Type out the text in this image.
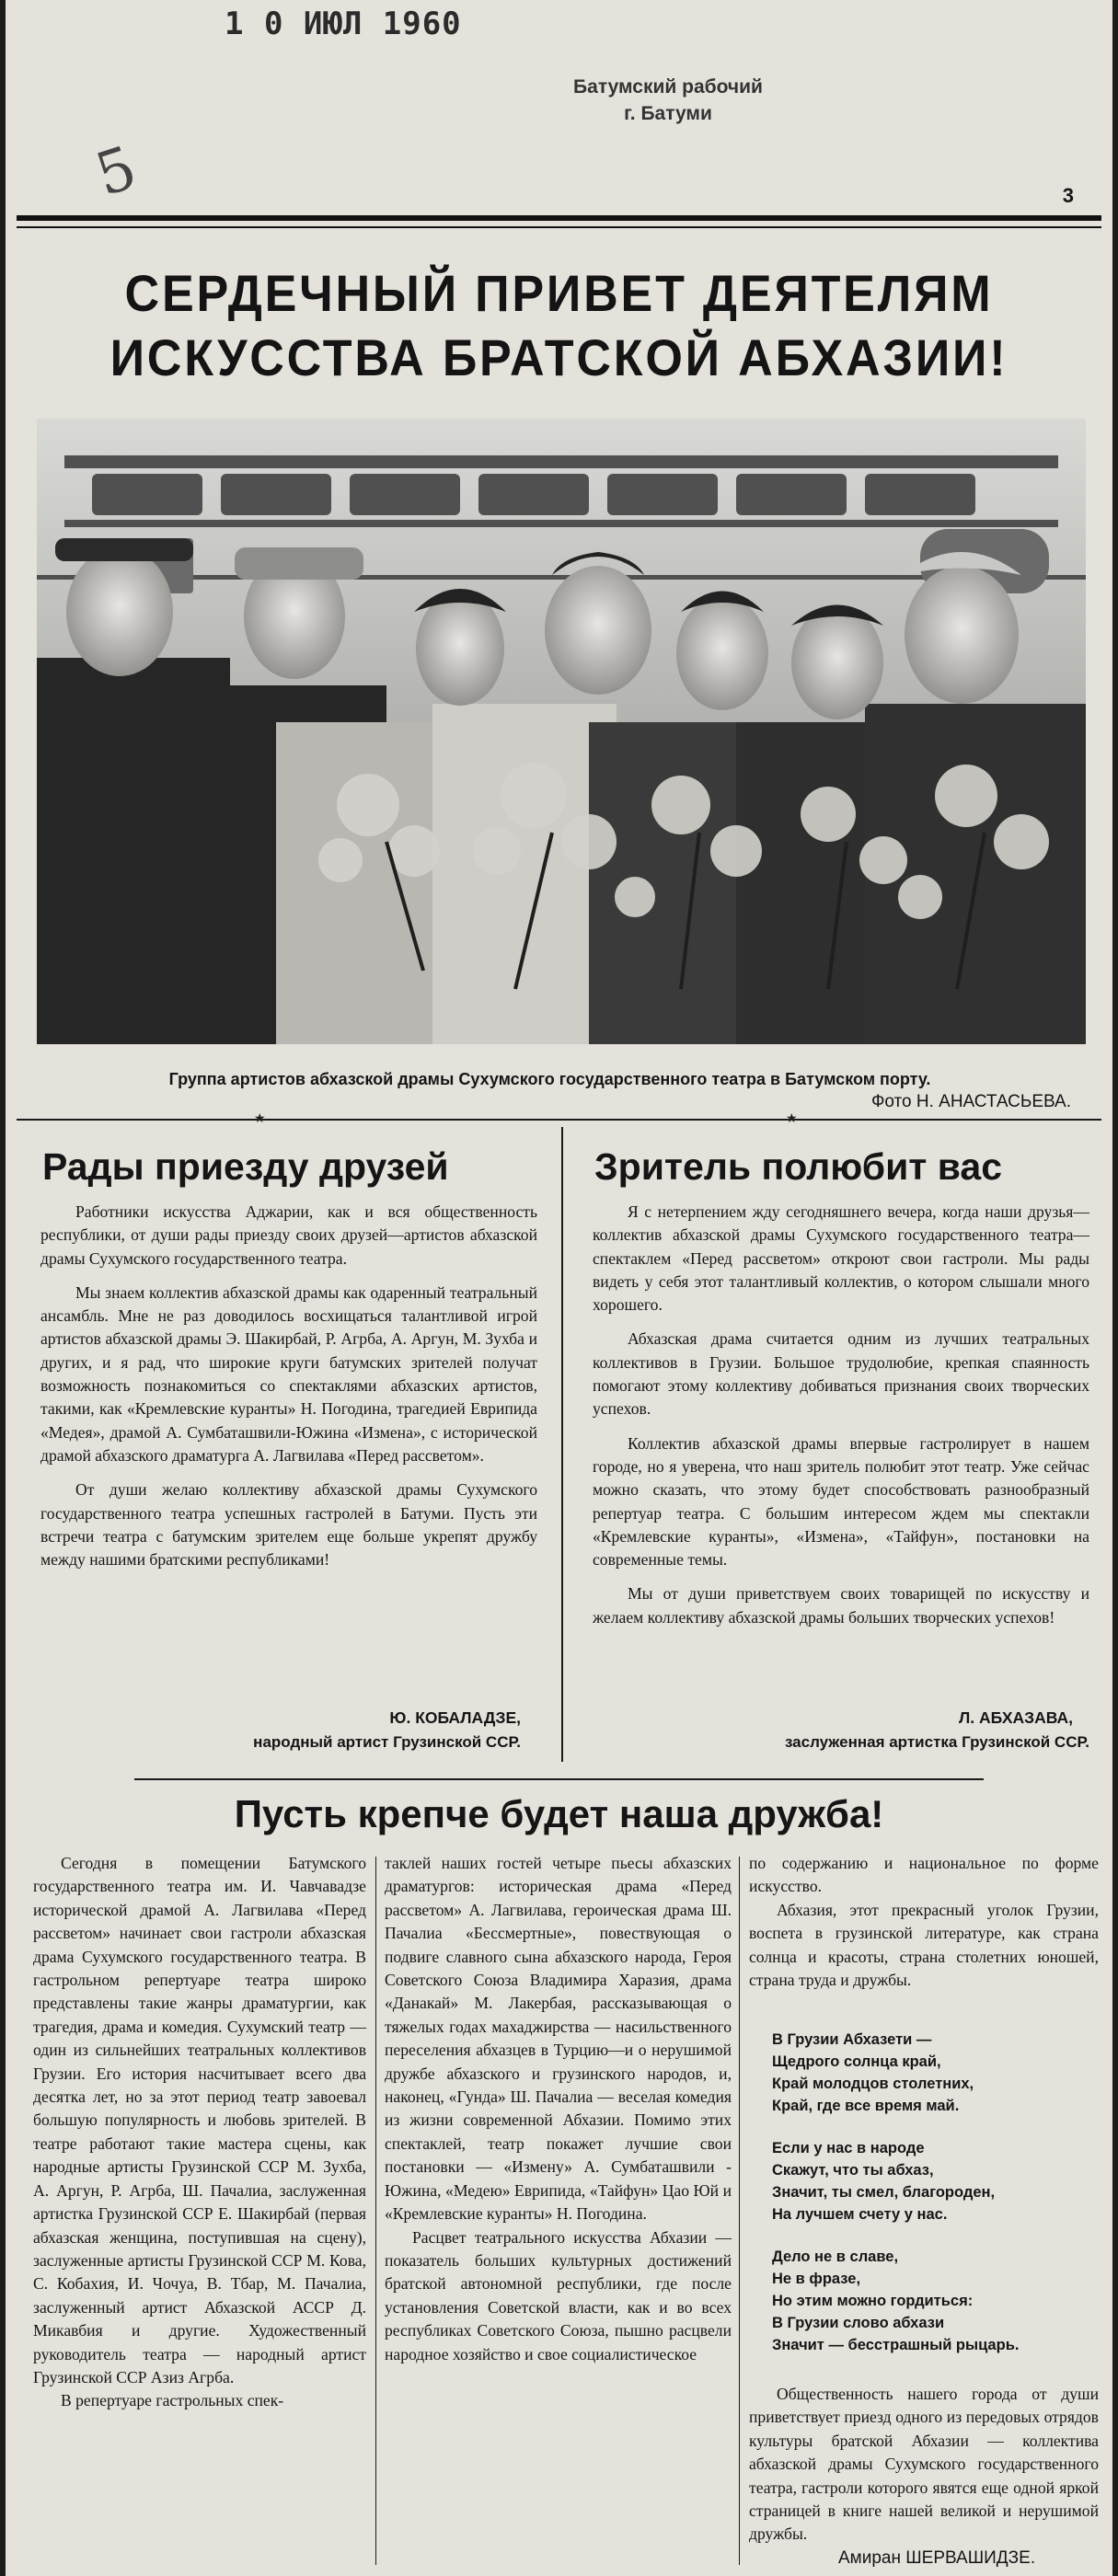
1 0 ИЮЛ 1960
Батумский рабочий
г. Батуми
5	3
СЕРДЕЧНЫЙ ПРИВЕТ ДЕЯТЕЛЯМ
ИСКУССТВА БРАТСКОЙ АБХАЗИИ!
Группа артистов абхазской драмы Сухумского государственного театра в Батумском порту.
Фото Н. АНАСТАСЬЕВА.
★	★
Рады приезду друзей

Работники искусства Аджарии, как и вся общественность республики, от души рады приезду своих друзей—артистов абхазской драмы Сухумского государственного театра.

Мы знаем коллектив абхазской драмы как одаренный театральный ансамбль. Мне не раз доводилось восхищаться талантливой игрой артистов абхазской драмы Э. Шакирбай, Р. Агрба, А. Аргун, М. Зухба и других, и я рад, что широкие круги батумских зрителей получат возможность познакомиться со спектаклями абхазских артистов, такими, как «Кремлевские куранты» Н. Погодина, трагедией Еврипида «Медея», драмой А. Сумбаташвили-Южина «Измена», с исторической драмой абхазского драматурга А. Лагвилава «Перед рассветом».

От души желаю коллективу абхазской драмы Сухумского государственного театра успешных гастролей в Батуми. Пусть эти встречи театра с батумским зрителем еще больше укрепят дружбу между нашими братскими республиками!

Ю. КОБАЛАДЗЕ,
народный артист Грузинской ССР.
Зритель полюбит вас

Я с нетерпением жду сегодняшнего вечера, когда наши друзья—коллектив абхазской драмы Сухумского государственного театра—спектаклем «Перед рассветом» откроют свои гастроли. Мы рады видеть у себя этот талантливый коллектив, о котором слышали много хорошего.

Абхазская драма считается одним из лучших театральных коллективов в Грузии. Большое трудолюбие, крепкая спаянность помогают этому коллективу добиваться признания своих творческих успехов.

Коллектив абхазской драмы впервые гастролирует в нашем городе, но я уверена, что наш зритель полюбит этот театр. Уже сейчас можно сказать, что этому будет способствовать разнообразный репертуар театра. С большим интересом ждем мы спектакли «Кремлевские куранты», «Измена», «Тайфун», постановки на современные темы.

Мы от души приветствуем своих товарищей по искусству и желаем коллективу абхазской драмы больших творческих успехов!

Л. АБХАЗАВА,
заслуженная артистка Грузинской ССР.
Пусть крепче будет наша дружба!

Сегодня в помещении Батумского государственного театра им. И. Чавчавадзе исторической драмой А. Лагвилава «Перед рассветом» начинает свои гастроли абхазская драма Сухумского государственного театра. В гастрольном репертуаре театра широко представлены такие жанры драматургии, как трагедия, драма и комедия. Сухумский театр — один из сильнейших театральных коллективов Грузии. Его история насчитывает всего два десятка лет, но за этот период театр завоевал большую популярность и любовь зрителей. В театре работают такие мастера сцены, как народные артисты Грузинской ССР М. Зухба, А. Аргун, Р. Агрба, Ш. Пачалиа, заслуженная артистка Грузинской ССР Е. Шакирбай (первая абхазская женщина, поступившая на сцену), заслуженные артисты Грузинской ССР М. Кова, С. Кобахия, И. Чочуа, В. Тбар, М. Пачалиа, заслуженный артист Абхазской АССР Д. Микавбия и другие. Художественный руководитель театра — народный артист Грузинской ССР Азиз Агрба.

В репертуаре гастрольных спек-

таклей наших гостей четыре пьесы абхазских драматургов: историческая драма «Перед рассветом» А. Лагвилава, героическая драма Ш. Пачалиа «Бессмертные», повествующая о подвиге славного сына абхазского народа, Героя Советского Союза Владимира Харазия, драма «Данакай» М. Лакербая, рассказывающая о тяжелых годах махаджирства — насильственного переселения абхазцев в Турцию—и о нерушимой дружбе абхазского и грузинского народов, и, наконец, «Гунда» Ш. Пачалиа — веселая комедия из жизни современной Абхазии. Помимо этих спектаклей, театр покажет лучшие свои постановки — «Измену» А. Сумбаташвили - Южина, «Медею» Еврипида, «Тайфун» Цао Юй и «Кремлевские куранты» Н. Погодина.

Расцвет театрального искусства Абхазии — показатель больших культурных достижений братской автономной республики, где после установления Советской власти, как и во всех республиках Советского Союза, пышно расцвели народное хозяйство и свое социалистическое

по содержанию и национальное по форме искусство.

Абхазия, этот прекрасный уголок Грузии, воспета в грузинской литературе, как страна солнца и красоты, страна столетних юношей, страна труда и дружбы.

В Грузии Абхазети —
Щедрого солнца край,
Край молодцов столетних,
Край, где все время май.
Если у нас в народе
Скажут, что ты абхаз,
Значит, ты смел, благороден,
На лучшем счету у нас.
Дело не в славе,
Не в фразе,
Но этим можно гордиться:
В Грузии слово абхази
Значит — бесстрашный рыцарь.

Общественность нашего города от души приветствует приезд одного из передовых отрядов культуры братской Абхазии — коллектива абхазской драмы Сухумского государственного театра, гастроли которого явятся еще одной яркой страницей в книге нашей великой и нерушимой дружбы.

Амиран ШЕРВАШИДЗЕ.
